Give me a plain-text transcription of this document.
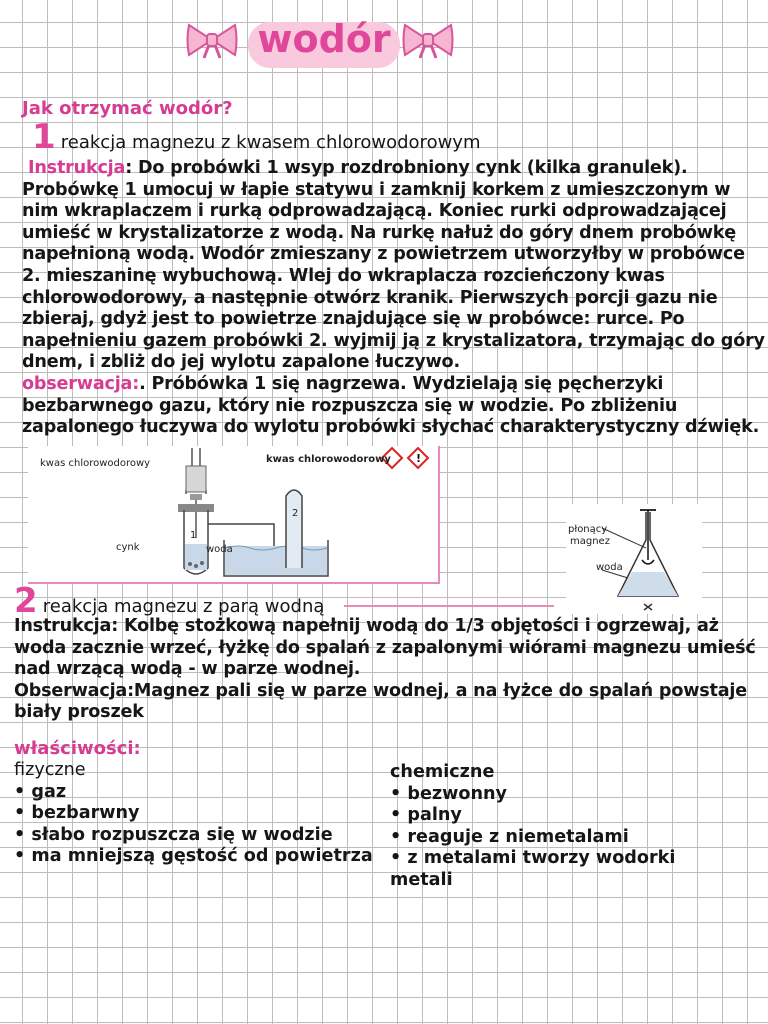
wodór
Jak otrzymać wodór?
1 reakcja magnezu z kwasem chlorowodorowym
Instrukcja: Do probówki 1 wsyp rozdrobniony cynk (kilka granulek). Probówkę 1 umocuj w łapie statywu i zamknij korkem z umieszczonym w nim wkraplaczem i rurką odprowadzającą. Koniec rurki odprowadzającej umieść w krystalizatorze z wodą. Na rurkę nałuż do góry dnem probówkę napełnioną wodą. Wodór zmieszany z powietrzem utworzyłby w probówce 2. mieszaninę wybuchową. Wlej do wkraplacza rozcieńczony kwas chlorowodorowy, a następnie otwórz kranik. Pierwszych porcji gazu nie zbieraj, gdyż jest to powietrze znajdujące się w probówce: rurce. Po napełnieniu gazem probówki 2. wyjmij ją z krystalizatora, trzymając do góry dnem, i zbliż do jej wylotu zapalone łuczywo.
obserwacja:. Próbówka 1 się nagrzewa. Wydzielają się pęcherzyki bezbarwnego gazu, który nie rozpuszcza się w wodzie. Po zbliżeniu zapalonego łuczywa do wylotu probówki słychać charakterystyczny dźwięk.
!
kwas chlorowodorowy	kwas chlorowodorowy
cynk	woda
1
2
płonący
magnez
woda
2 reakcja magnezu z parą wodną
Instrukcja: Kolbę stożkową napełnij wodą do 1/3 objętości i ogrzewaj, aż woda zacznie wrzeć, łyżkę do spalań z zapalonymi wiórami magnezu umieść nad wrzącą wodą - w parze wodnej.
Obserwacja:Magnez pali się w parze wodnej, a na łyżce do spalań powstaje biały proszek
właściwości:
fizyczne
• gaz
• bezbarwny
• słabo rozpuszcza się w wodzie
• ma mniejszą gęstość od powietrza
chemiczne
• bezwonny
• palny
• reaguje z niemetalami
• z metalami tworzy wodorki
metali
